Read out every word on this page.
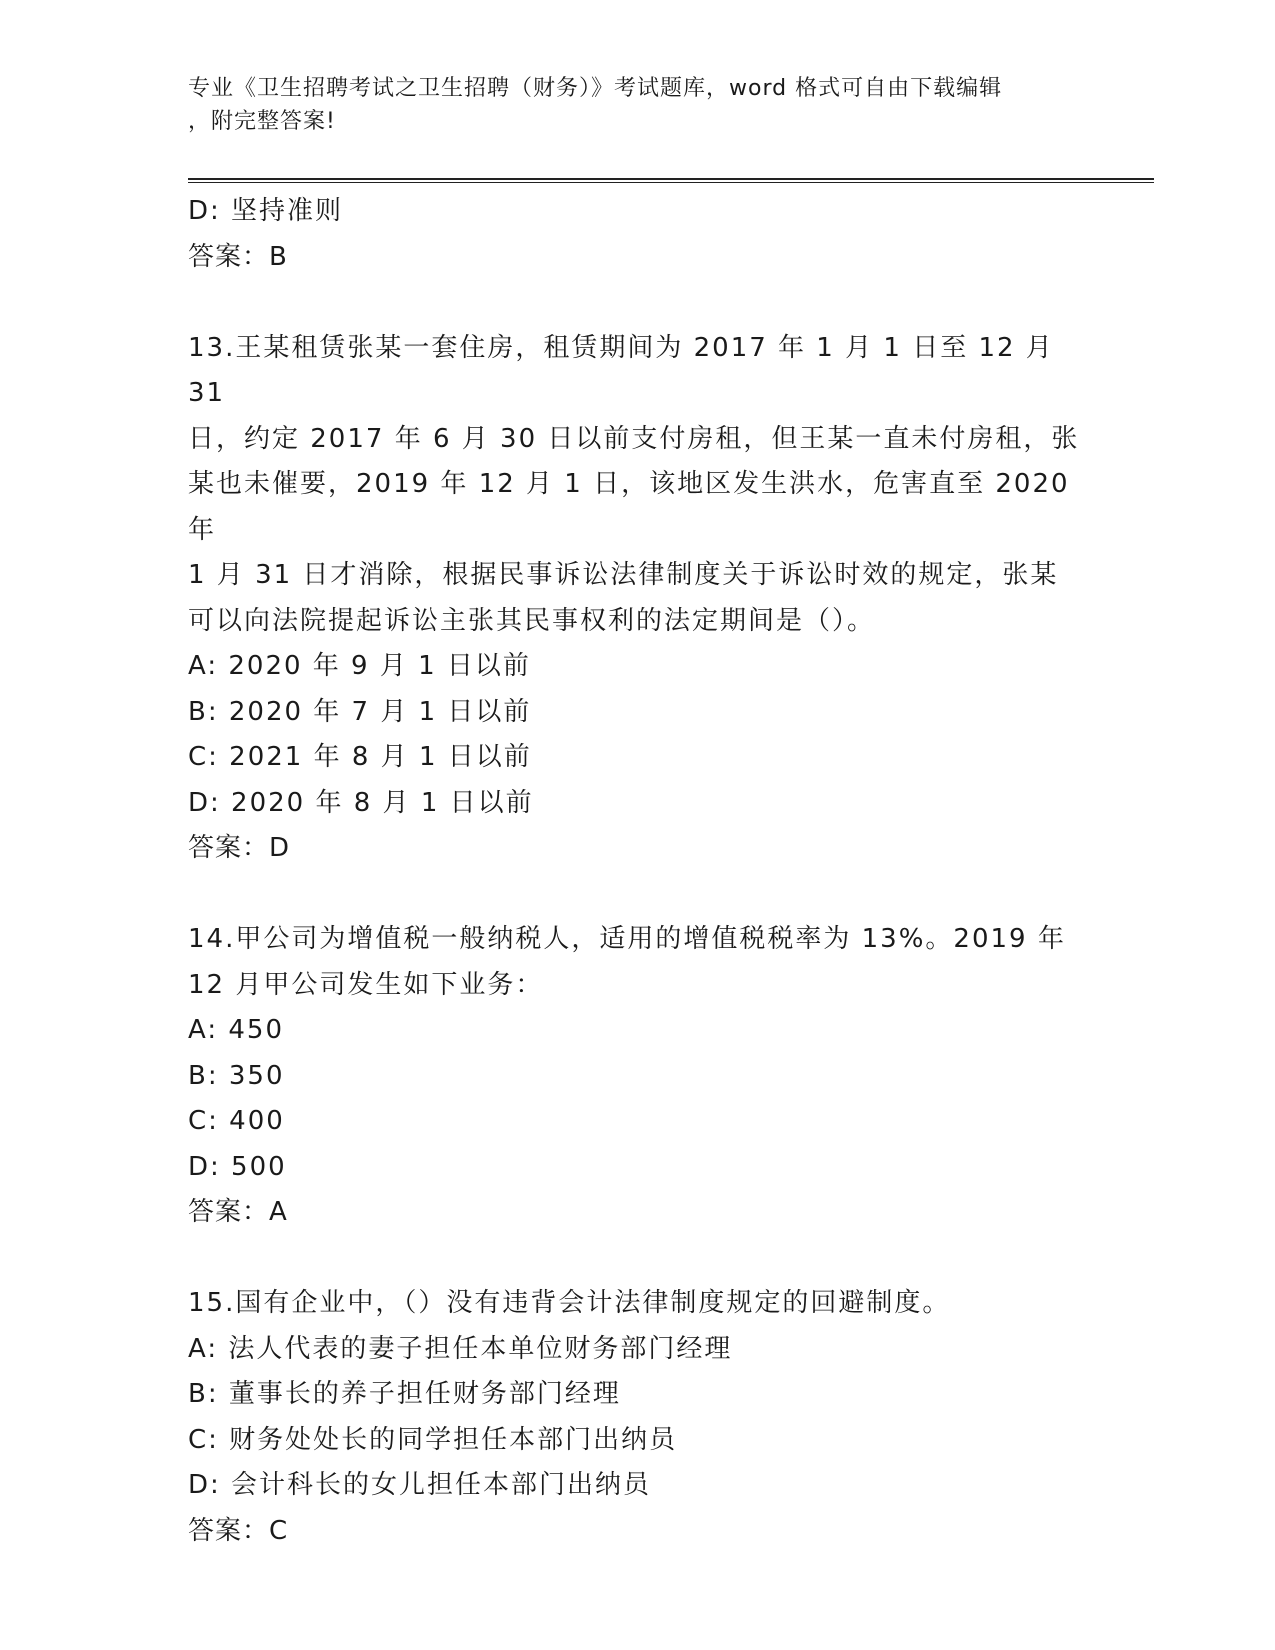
专业《卫生招聘考试之卫生招聘（财务）》考试题库，word 格式可自由下载编辑
，附完整答案!
D: 坚持准则
答案：B
13.王某租赁张某一套住房，租赁期间为 2017 年 1 月 1 日至 12 月 31
日，约定 2017 年 6 月 30 日以前支付房租，但王某一直未付房租，张
某也未催要，2019 年 12 月 1 日，该地区发生洪水，危害直至 2020 年
1 月 31 日才消除，根据民事诉讼法律制度关于诉讼时效的规定，张某
可以向法院提起诉讼主张其民事权利的法定期间是（）。
A: 2020 年 9 月 1 日以前
B: 2020 年 7 月 1 日以前
C: 2021 年 8 月 1 日以前
D: 2020 年 8 月 1 日以前
答案：D
14.甲公司为增值税一般纳税人，适用的增值税税率为 13%。2019 年
12 月甲公司发生如下业务：
A: 450
B: 350
C: 400
D: 500
答案：A
15.国有企业中，（）没有违背会计法律制度规定的回避制度。
A: 法人代表的妻子担任本单位财务部门经理
B: 董事长的养子担任财务部门经理
C: 财务处处长的同学担任本部门出纳员
D: 会计科长的女儿担任本部门出纳员
答案：C
